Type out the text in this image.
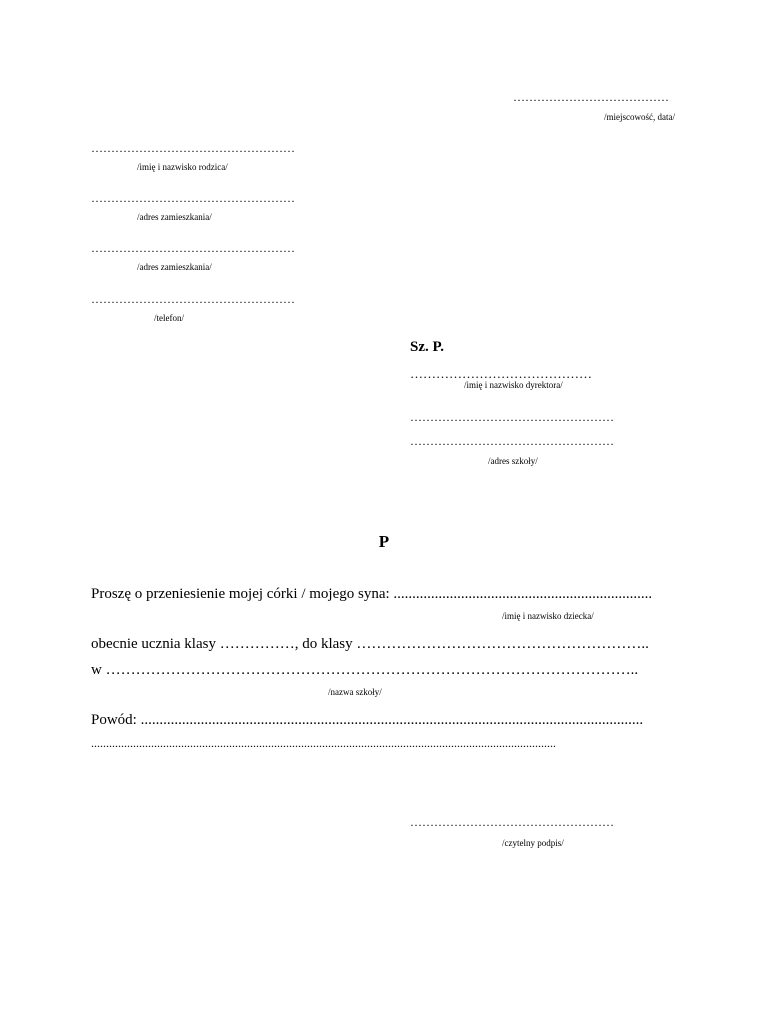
…………………………………
/miejscowość, data/
……………………………………………
/imię i nazwisko rodzica/
……………………………………………
/adres zamieszkania/
……………………………………………
/adres zamieszkania/
……………………………………………
/telefon/
Sz. P.
……………………………………
/imię i nazwisko dyrektora/
……………………………………………
……………………………………………
/adres szkoły/
P
Proszę o przeniesienie mojej córki / mojego syna: .....................................................................
/imię i nazwisko dziecka/
obecnie ucznia klasy ……………, do klasy …………………………………………………..
w ……………………………………………………………………………………………..
/nazwa szkoły/
Powód: ......................................................................................................................................
...........................................................................................................................................................
……………………………………………
/czytelny podpis/
